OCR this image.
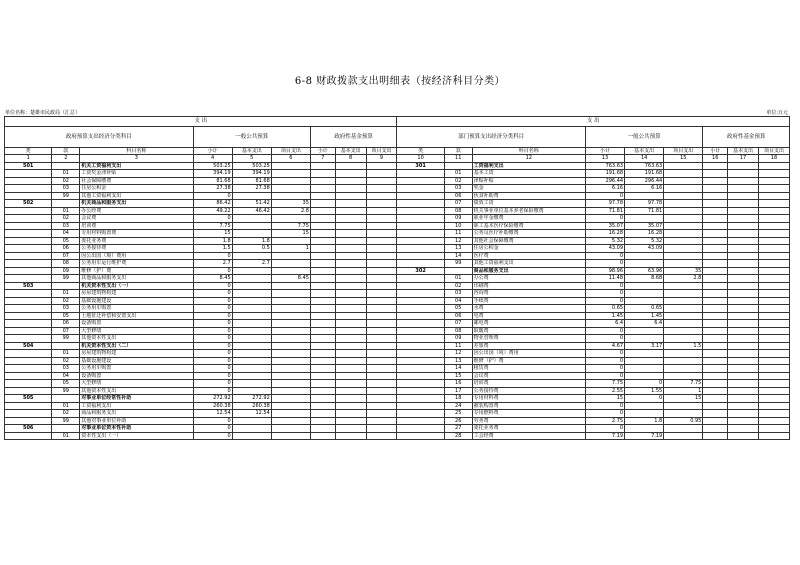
6-8 财政拨款支出明细表（按经济科目分类）
单位名称：楚雄市民政局（汇总）	单位:万元
支 出									支 出								
政府预算支出经济分类科目			一般公共预算			政府性基金预算			部门预算支出经济分类科目			一般公共预算			政府性基金预算		
类	款	科目名称	小计	基本支出	项目支出	小计	基本支出	项目支出	类	款	科目名称	小计	基本支出	项目支出	小计	基本支出	项目支出
1	2	3	4	5	6	7	8	9	10	11	12	13	14	15	16	17	18
501		机关工资福利支出	503.25	503.25					301		工资福利支出	763.63	763.63				
	01	工资奖金津补贴	394.19	394.19						01	基本工资	191.68	191.68				
	02	社会保障缴费	81.68	81.68						02	津贴补贴	296.44	296.44				
	03	住房公积金	27.38	27.38						03	奖金	6.16	6.16				
	99	其他工资福利支出	0							06	伙食补助费	0					
502		机关商品和服务支出	86.42	51.42	35					07	绩效工资	97.78	97.78				
	01	办公经费	49.22	46.42	2.8					08	机关事业单位基本养老保险缴费	71.81	71.81				
	02	会议费	0							09	职业年金缴费	0					
	03	培训费	7.75		7.75					10	职工基本医疗保险缴费	35.07	35.07				
	04	专用材料购置费	15		15					11	公务员医疗补助缴费	16.28	16.28				
	05	委托业务费	1.8	1.8						12	其他社会保障缴费	5.32	5.32				
	06	公务接待费	1.5	0.5	1					13	住房公积金	43.09	43.09				
	07	因公出国（境）费用	0							14	医疗费	0					
	08	公务用车运行维护费	2.7	2.7						99	其他工资福利支出	0					
	09	维修（护）费	0						302		商品和服务支出	98.96	63.96	35			
	99	其他商品和服务支出	8.45		8.45					01	办公费	11.48	8.68	2.8			
503		机关资本性支出（一）	0							02	印刷费	0					
	01	房屋建筑物构建	0							03	咨询费	0					
	02	基础设施建设	0							04	手续费	0					
	03	公务用车购置	0							05	水费	0.65	0.65				
	05	土地征迁补偿和安置支出	0							06	电费	1.45	1.45				
	06	设备购置	0							07	邮电费	6.4	6.4				
	07	大型修缮	0							08	取暖费	0					
	99	其他资本性支出	0							09	物业管理费	0					
504		机关资本性支出（二）	0							11	差旅费	4.67	3.17	1.5			
	01	房屋建筑物构建	0							12	因公出国（境）费用	0					
	02	基础设施建设	0							13	维修（护）费	0					
	03	公务用车购置	0							14	租赁费	0					
	04	设备购置	0							15	会议费	0					
	05	大型修缮	0							16	培训费	7.75	0	7.75			
	99	其他资本性支出	0							17	公务接待费	2.55	1.55	1			
505		对事业单位经常性补助	272.92	272.92						18	专用材料费	15	0	15			
	01	工资福利支出	260.38	260.38						24	被装购置费	0					
	02	商品和服务支出	12.54	12.54						25	专用燃料费	0					
	99	其他对事业单位补助	0							26	劳务费	2.75	1.8	0.95			
506		对事业单位资本性补助	0							27	委托业务费	0					
	01	资本性支出（一）	0							28	工会经费	7.19	7.19				
